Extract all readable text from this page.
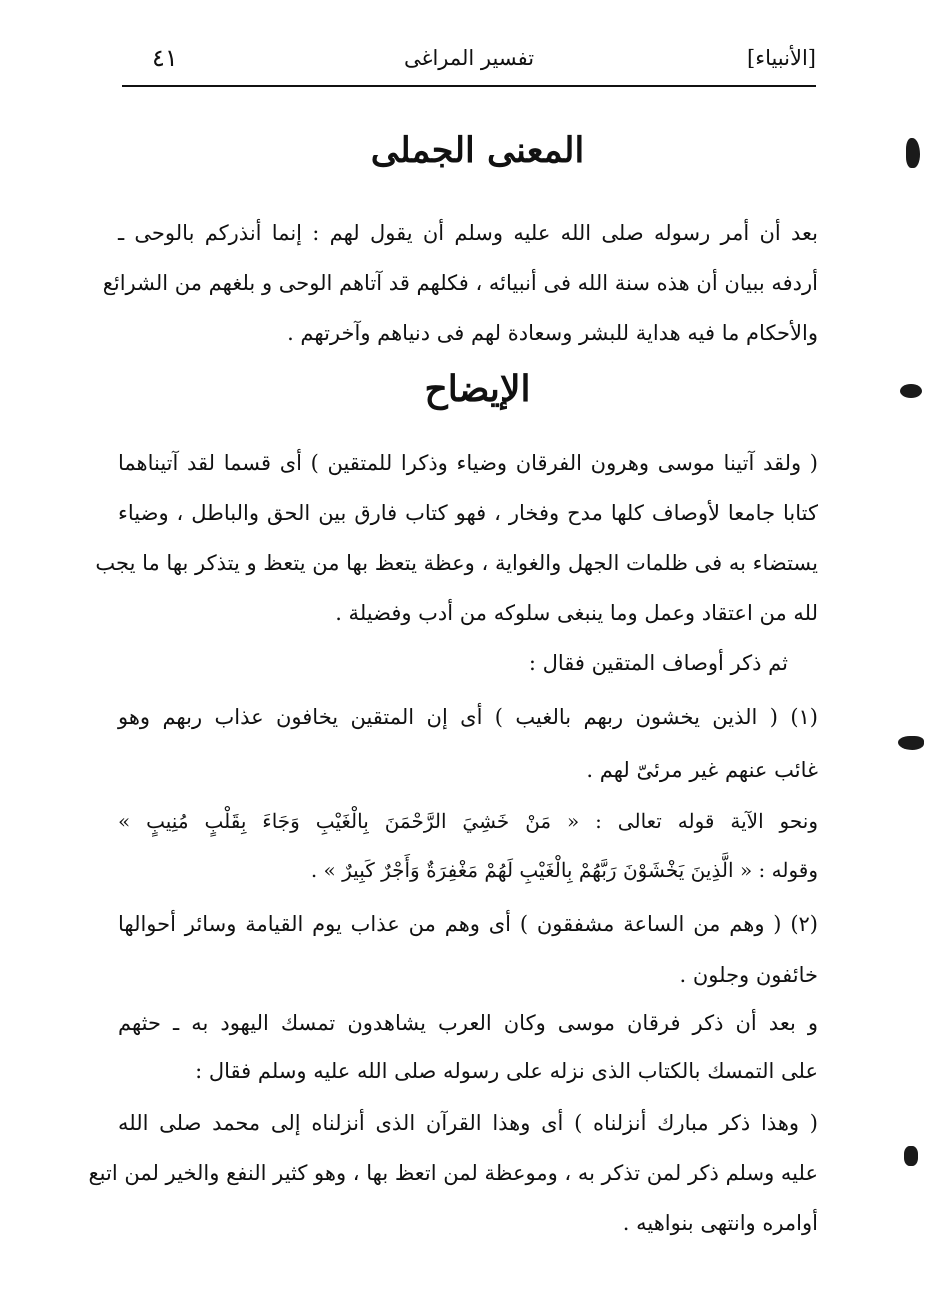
[الأنبياء]
تفسير المراغى
٤١
المعنى الجملى
بعد أن أمر رسوله صلى الله عليه وسلم أن يقول لهم : إنما أنذركم بالوحى ـ
أردفه ببيان أن هذه سنة الله فى أنبيائه ، فكلهم قد آتاهم الوحى و بلغهم من الشرائع
والأحكام ما فيه هداية للبشر وسعادة لهم فى دنياهم وآخرتهم .
الإيضاح
( ولقد آتينا موسى وهرون الفرقان وضياء وذكرا للمتقين ) أى قسما لقد آتيناهما
كتابا جامعا لأوصاف كلها مدح وفخار ، فهو كتاب فارق بين الحق والباطل ، وضياء
يستضاء به فى ظلمات الجهل والغواية ، وعظة يتعظ بها من يتعظ و يتذكر بها ما يجب
لله من اعتقاد وعمل وما ينبغى سلوكه من أدب وفضيلة .
ثم ذكر أوصاف المتقين فقال :
(١) ( الذين يخشون ربهم بالغيب ) أى إن المتقين يخافون عذاب ربهم وهو
غائب عنهم غير مرئىّ لهم .
ونحو الآية قوله تعالى : « مَنْ خَشِيَ الرَّحْمَنَ بِالْغَيْبِ وَجَاءَ بِقَلْبٍ مُنِيبٍ »
وقوله : « الَّذِينَ يَخْشَوْنَ رَبَّهُمْ بِالْغَيْبِ لَهُمْ مَغْفِرَةٌ وَأَجْرٌ كَبِيرٌ » .
(٢) ( وهم من الساعة مشفقون ) أى وهم من عذاب يوم القيامة وسائر أحوالها
خائفون وجلون .
و بعد أن ذكر فرقان موسى وكان العرب يشاهدون تمسك اليهود به ـ حثهم
على التمسك بالكتاب الذى نزله على رسوله صلى الله عليه وسلم فقال :
( وهذا ذكر مبارك أنزلناه ) أى وهذا القرآن الذى أنزلناه إلى محمد صلى الله
عليه وسلم ذكر لمن تذكر به ، وموعظة لمن اتعظ بها ، وهو كثير النفع والخير لمن اتبع
أوامره وانتهى بنواهيه .
